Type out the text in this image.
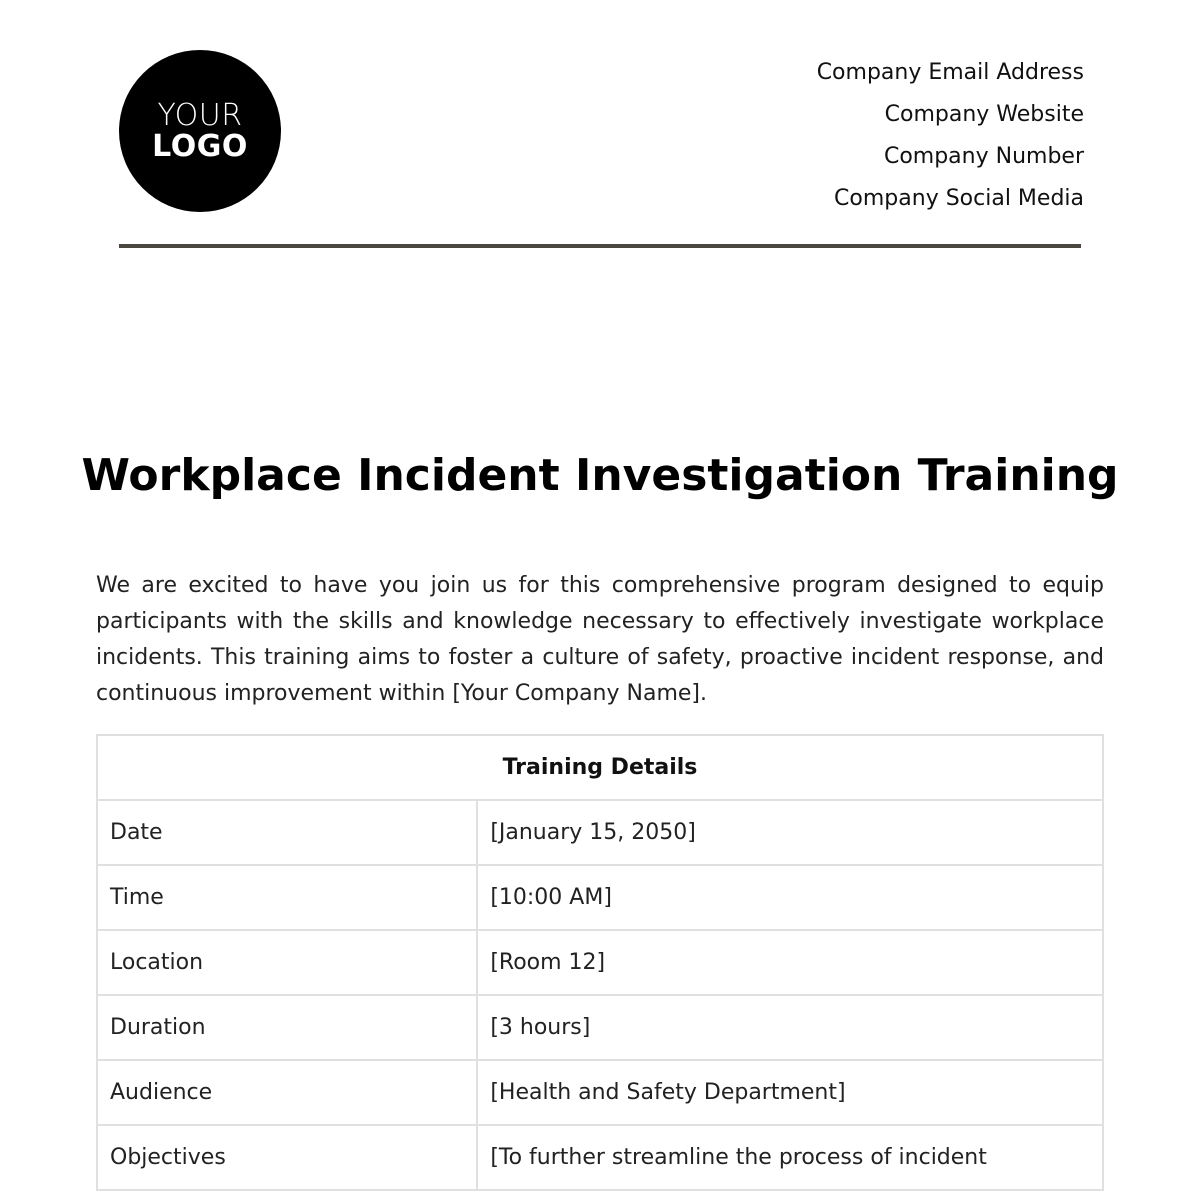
YOUR
LOGO
Company Email Address
Company Website
Company Number
Company Social Media
Workplace Incident Investigation Training
We are excited to have you join us for this comprehensive program designed to equip participants with the skills and knowledge necessary to effectively investigate workplace incidents. This training aims to foster a culture of safety, proactive incident response, and continuous improvement within [Your Company Name].
Training Details	
Date	[January 15, 2050]
Time	[10:00 AM]
Location	[Room 12]
Duration	[3 hours]
Audience	[Health and Safety Department]
Objectives	[To further streamline the process of incident
